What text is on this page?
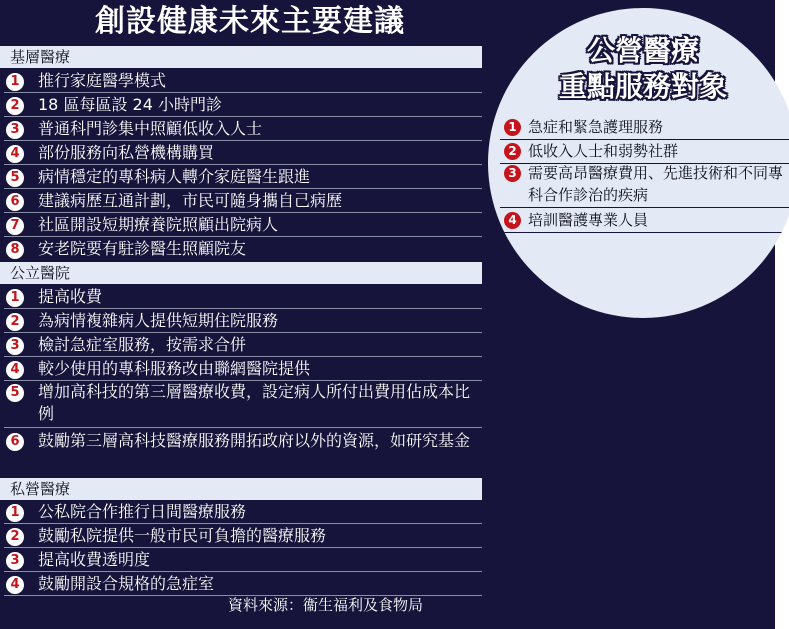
創設健康未來主要建議
基層醫療
1 推行家庭醫學模式
2 18 區每區設 24 小時門診
3 普通科門診集中照顧低收入人士
4 部份服務向私營機構購買
5 病情穩定的專科病人轉介家庭醫生跟進
6 建議病歷互通計劃，市民可隨身攜自己病歷
7 社區開設短期療養院照顧出院病人
8 安老院要有駐診醫生照顧院友
公立醫院
1 提高收費
2 為病情複雜病人提供短期住院服務
3 檢討急症室服務，按需求合併
4 較少使用的專科服務改由聯網醫院提供
5 增加高科技的第三層醫療收費，設定病人所付出費用佔成本比例
6 鼓勵第三層高科技醫療服務開拓政府以外的資源，如研究基金
私營醫療
1 公私院合作推行日間醫療服務
2 鼓勵私院提供一般市民可負擔的醫療服務
3 提高收費透明度
4 鼓勵開設合規格的急症室
資料來源：衞生福利及食物局
公營醫療
重點服務對象
1 急症和緊急護理服務
2 低收入人士和弱勢社群
3 需要高昂醫療費用、先進技術和不同專科合作診治的疾病
4 培訓醫護專業人員
